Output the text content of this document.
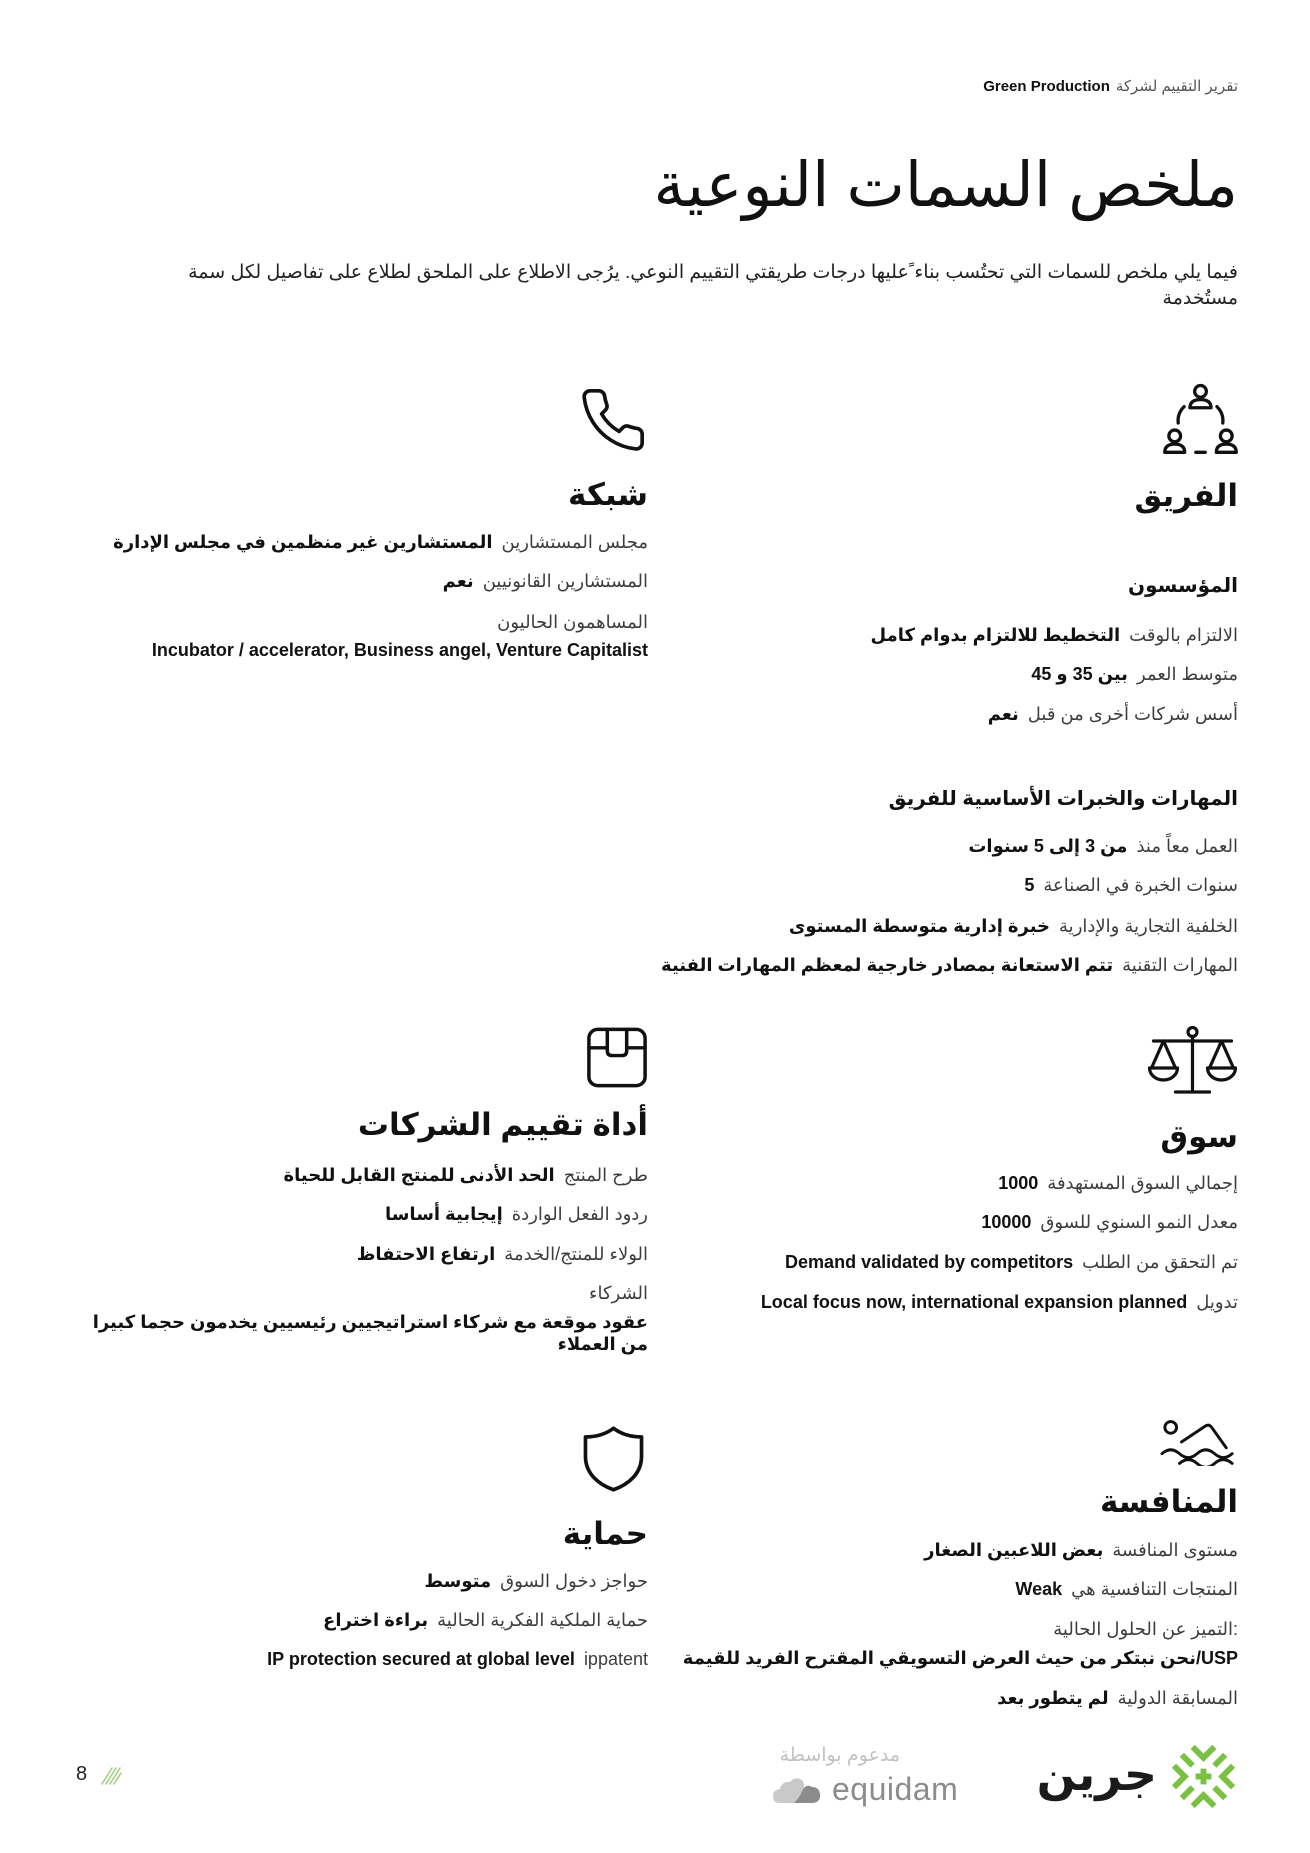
تقرير التقييم لشركةGreen Production
ملخص السمات النوعية

فيما يلي ملخص للسمات التي تحتُسب بناء ًعليها درجات طريقتي التقييم النوعي. يرُجى الاطلاع على الملحق لطلاع على تفاصيل لكل سمة مستُخدمة

الفريق
المؤسسون
الالتزام بالوقتالتخطيط للالتزام بدوام كامل
متوسط العمربين 35 و 45
أسس شركات أخرى من قبلنعم
المهارات والخبرات الأساسية للفريق
العمل معاً منذمن 3 إلى 5 سنوات
سنوات الخبرة في الصناعة5
الخلفية التجارية والإداريةخبرة إدارية متوسطة المستوى
المهارات التقنيةتتم الاستعانة بمصادر خارجية لمعظم المهارات الفنية
شبكة
مجلس المستشارينالمستشارين غير منظمين في مجلس الإدارة
المستشارين القانونييننعم
المساهمون الحاليون
Incubator / accelerator, Business angel, Venture Capitalist
سوق
إجمالي السوق المستهدفة1000
معدل النمو السنوي للسوق10000
تم التحقق من الطلبDemand validated by competitors
تدويلLocal focus now, international expansion planned
أداة تقييم الشركات
طرح المنتجالحد الأدنى للمنتج القابل للحياة
ردود الفعل الواردةإيجابية أساسا
الولاء للمنتج/الخدمةارتفاع الاحتفاظ
الشركاء
عقود موقعة مع شركاء استراتيجيين رئيسيين يخدمون حجما كبيرا من العملاء
المنافسة
مستوى المنافسةبعض اللاعبين الصغار
المنتجات التنافسية هيWeak
:التميز عن الحلول الحالية
USP/نحن نبتكر من حيث العرض التسويقي المقترح الفريد للقيمة
المسابقة الدوليةلم يتطور بعد
حماية
حواجز دخول السوقمتوسط
حماية الملكية الفكرية الحاليةبراءة اختراع
ippatentIP protection secured at global level
8
مدعوم بواسطة
equidam جرين
